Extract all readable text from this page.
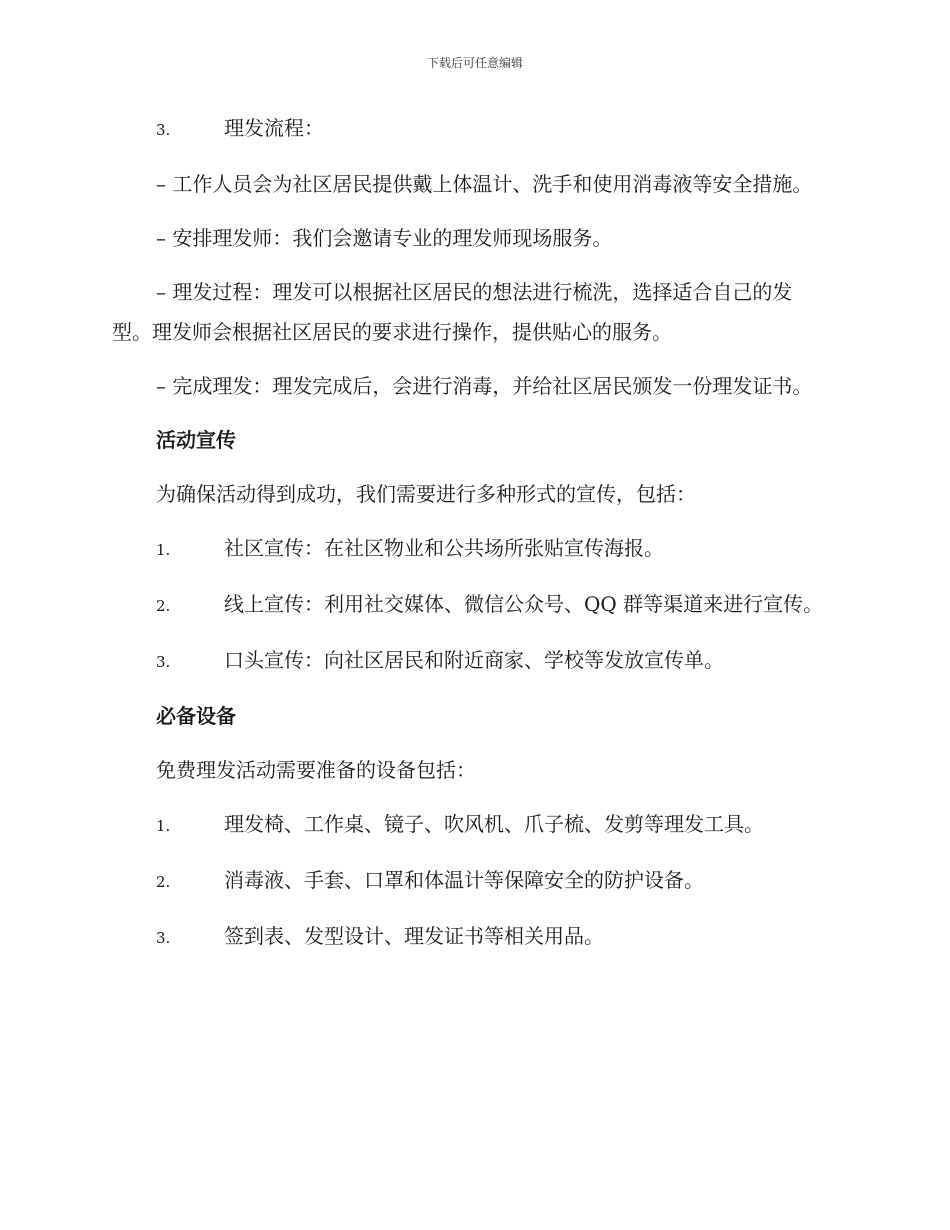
下载后可任意编辑
3.	理发流程：

– 工作人员会为社区居民提供戴上体温计、洗手和使用消毒液等安全措施。

– 安排理发师：我们会邀请专业的理发师现场服务。

– 理发过程：理发可以根据社区居民的想法进行梳洗，选择适合自己的发型。理发师会根据社区居民的要求进行操作，提供贴心的服务。

– 完成理发：理发完成后，会进行消毒，并给社区居民颁发一份理发证书。

活动宣传

为确保活动得到成功，我们需要进行多种形式的宣传，包括：

1.	社区宣传：在社区物业和公共场所张贴宣传海报。
2.	线上宣传：利用社交媒体、微信公众号、QQ 群等渠道来进行宣传。
3.	口头宣传：向社区居民和附近商家、学校等发放宣传单。
必备设备

免费理发活动需要准备的设备包括：

1.	理发椅、工作桌、镜子、吹风机、爪子梳、发剪等理发工具。
2.	消毒液、手套、口罩和体温计等保障安全的防护设备。
3.	签到表、发型设计、理发证书等相关用品。
